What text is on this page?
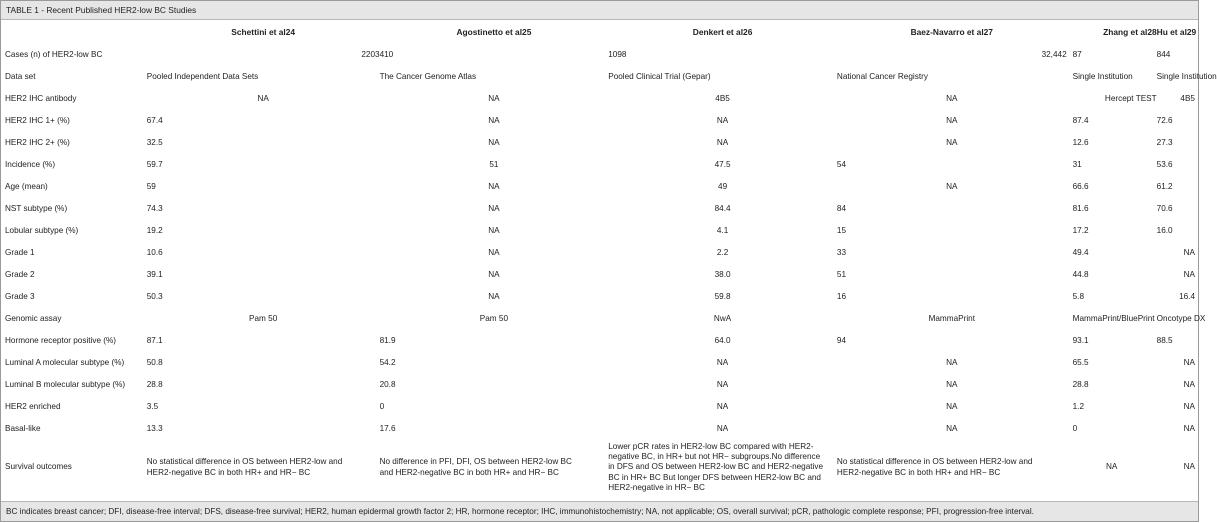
TABLE 1 - Recent Published HER2-low BC Studies
	Schettini et al24	Agostinetto et al25	Denkert et al26	Baez-Navarro et al27	Zhang et al28	Hu et al29
Cases (n) of HER2-low BC	2203	410	1098	32,442	87	844
Data set	Pooled Independent Data Sets	The Cancer Genome Atlas	Pooled Clinical Trial (Gepar)	National Cancer Registry	Single Institution	Single Institution
HER2 IHC antibody	NA	NA	4B5	NA	Hercept TEST	4B5
HER2 IHC 1+ (%)	67.4	NA	NA	NA	87.4	72.6
HER2 IHC 2+ (%)	32.5	NA	NA	NA	12.6	27.3
Incidence (%)	59.7	51	47.5	54	31	53.6
Age (mean)	59	NA	49	NA	66.6	61.2
NST subtype (%)	74.3	NA	84.4	84	81.6	70.6
Lobular subtype (%)	19.2	NA	4.1	15	17.2	16.0
Grade 1	10.6	NA	2.2	33	49.4	NA
Grade 2	39.1	NA	38.0	51	44.8	NA
Grade 3	50.3	NA	59.8	16	5.8	16.4
Genomic assay	Pam 50	Pam 50	NwA	MammaPrint	MammaPrint/BluePrint	Oncotype DX
Hormone receptor positive (%)	87.1	81.9	64.0	94	93.1	88.5
Luminal A molecular subtype (%)	50.8	54.2	NA	NA	65.5	NA
Luminal B molecular subtype (%)	28.8	20.8	NA	NA	28.8	NA
HER2 enriched	3.5	0	NA	NA	1.2	NA
Basal-like	13.3	17.6	NA	NA	0	NA
Survival outcomes	No statistical difference in OS between HER2-low and HER2-negative BC in both HR+ and HR− BC	No difference in PFI, DFI, OS between HER2-low BC and HER2-negative BC in both HR+ and HR− BC	Lower pCR rates in HER2-low BC compared with HER2-negative BC, in HR+ but not HR− subgroups.No difference in DFS and OS between HER2-low BC and HER2-negative BC in HR+ BC But longer DFS between HER2-low BC and HER2-negative in HR− BC	No statistical difference in OS between HER2-low and HER2-negative BC in both HR+ and HR− BC	NA	NA
BC indicates breast cancer; DFI, disease-free interval; DFS, disease-free survival; HER2, human epidermal growth factor 2; HR, hormone receptor; IHC, immunohistochemistry; NA, not applicable; OS, overall survival; pCR, pathologic complete response; PFI, progression-free interval.
